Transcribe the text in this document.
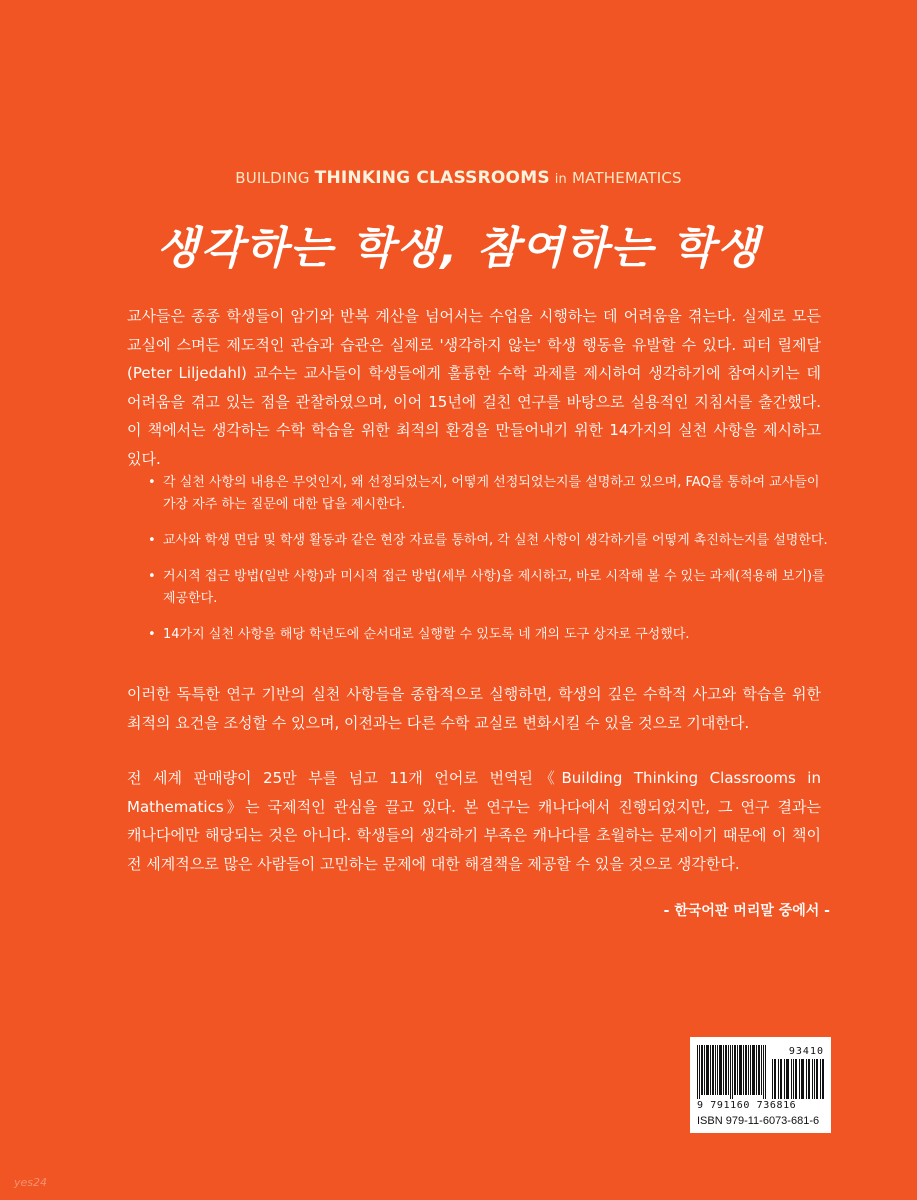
BUILDING THINKING CLASSROOMS in MATHEMATICS
생각하는 학생, 참여하는 학생
교사들은 종종 학생들이 암기와 반복 계산을 넘어서는 수업을 시행하는 데 어려움을 겪는다. 실제로 모든 교실에 스며든 제도적인 관습과 습관은 실제로 '생각하지 않는' 학생 행동을 유발할 수 있다. 피터 릴제달(Peter Liljedahl) 교수는 교사들이 학생들에게 훌륭한 수학 과제를 제시하여 생각하기에 참여시키는 데 어려움을 겪고 있는 점을 관찰하였으며, 이어 15년에 걸친 연구를 바탕으로 실용적인 지침서를 출간했다. 이 책에서는 생각하는 수학 학습을 위한 최적의 환경을 만들어내기 위한 14가지의 실천 사항을 제시하고 있다.
• 각 실천 사항의 내용은 무엇인지, 왜 선정되었는지, 어떻게 선정되었는지를 설명하고 있으며, FAQ를 통하여 교사들이 가장 자주 하는 질문에 대한 답을 제시한다.
• 교사와 학생 면담 및 학생 활동과 같은 현장 자료를 통하여, 각 실천 사항이 생각하기를 어떻게 촉진하는지를 설명한다.
• 거시적 접근 방법(일반 사항)과 미시적 접근 방법(세부 사항)을 제시하고, 바로 시작해 볼 수 있는 과제(적용해 보기)를 제공한다.
• 14가지 실천 사항을 해당 학년도에 순서대로 실행할 수 있도록 네 개의 도구 상자로 구성했다.
이러한 독특한 연구 기반의 실천 사항들을 종합적으로 실행하면, 학생의 깊은 수학적 사고와 학습을 위한 최적의 요건을 조성할 수 있으며, 이전과는 다른 수학 교실로 변화시킬 수 있을 것으로 기대한다.
전 세계 판매량이 25만 부를 넘고 11개 언어로 번역된《Building Thinking Classrooms in Mathematics》는 국제적인 관심을 끌고 있다. 본 연구는 캐나다에서 진행되었지만, 그 연구 결과는 캐나다에만 해당되는 것은 아니다. 학생들의 생각하기 부족은 캐나다를 초월하는 문제이기 때문에 이 책이 전 세계적으로 많은 사람들이 고민하는 문제에 대한 해결책을 제공할 수 있을 것으로 생각한다.
- 한국어판 머리말 중에서 -
93410
9 791160 736816
ISBN 979-11-6073-681-6
yes24
